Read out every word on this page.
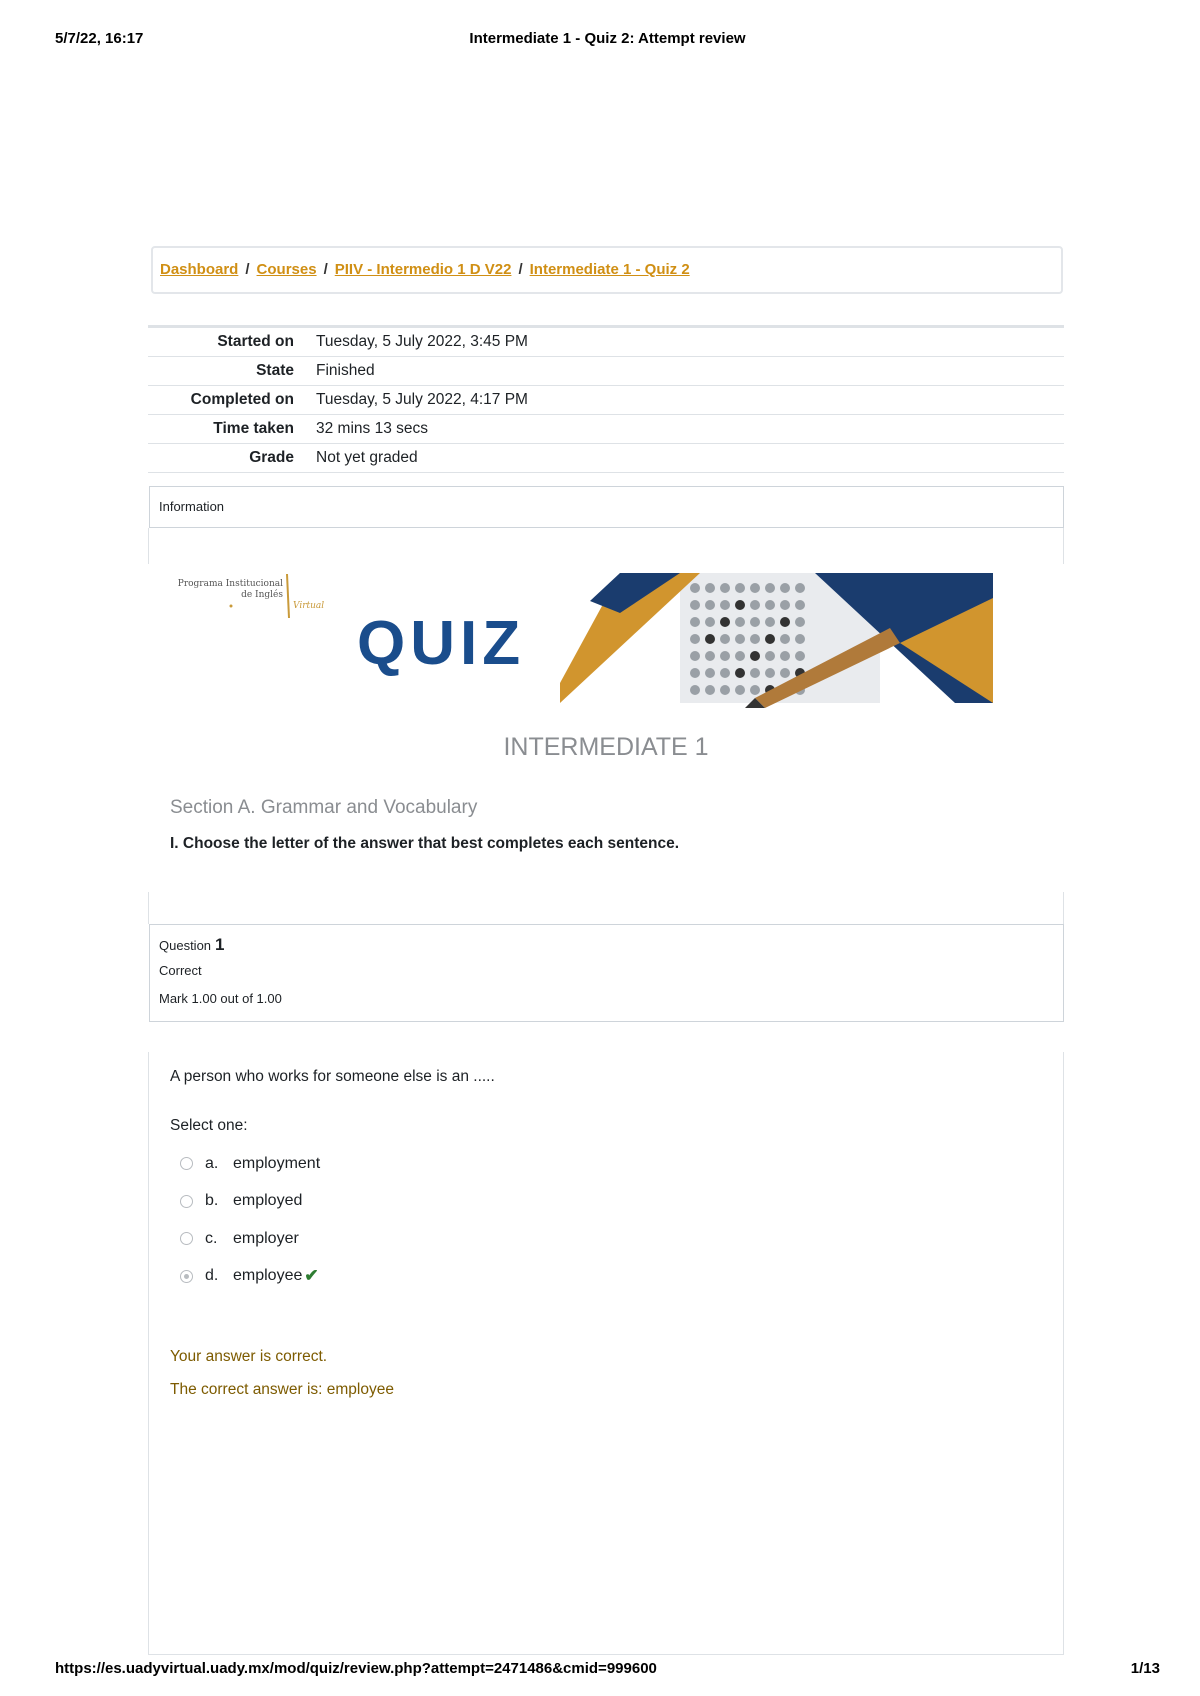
5/7/22, 16:17	Intermediate 1 - Quiz 2: Attempt review
Dashboard / Courses / PIIV - Intermedio 1 D V22 / Intermediate 1 - Quiz 2
Started on	Tuesday, 5 July 2022, 3:45 PM
State	Finished
Completed on	Tuesday, 5 July 2022, 4:17 PM
Time taken	32 mins 13 secs
Grade	Not yet graded
Information
Programa Institucional
de Inglés
Virtual
QUIZ
INTERMEDIATE 1
Section A. Grammar and Vocabulary
I. Choose the letter of the answer that best completes each sentence.
Question 1
Correct
Mark 1.00 out of 1.00
A person who works for someone else is an .....
Select one:
a. employment
b. employed
c. employer
d. employee ✔
Your answer is correct.
The correct answer is: employee
https://es.uadyvirtual.uady.mx/mod/quiz/review.php?attempt=2471486&cmid=999600	1/13
